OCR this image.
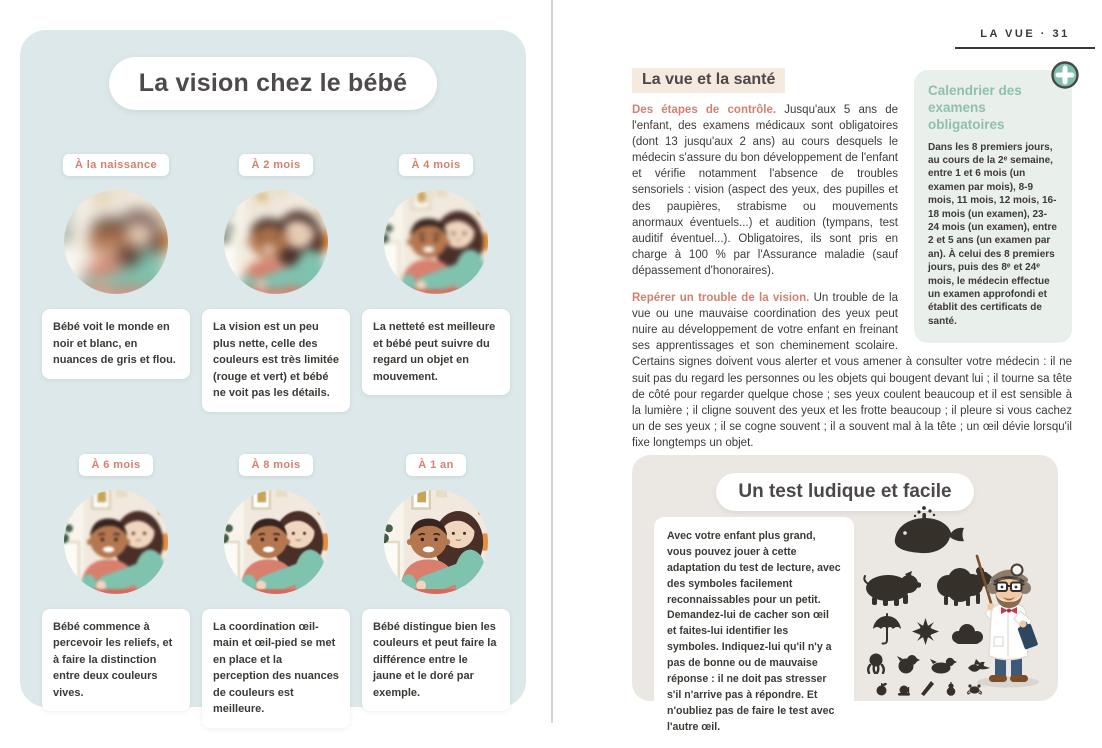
La vision chez le bébé
À la naissance
Bébé voit le monde en noir et blanc, en nuances de gris et flou.
À 2 mois
La vision est un peu plus nette, celle des couleurs est très limitée (rouge et vert) et bébé ne voit pas les détails.
À 4 mois
La netteté est meilleure et bébé peut suivre du regard un objet en mouvement.
À 6 mois
Bébé commence à percevoir les reliefs, et à faire la distinction entre deux couleurs vives.
À 8 mois
La coordination œil-main et œil-pied se met en place et la perception des nuances de couleurs est meilleure.
À 1 an
Bébé distingue bien les couleurs et peut faire la différence entre le jaune et le doré par exemple.
LA VUE · 31
Calendrier des examens obligatoires

Dans les 8 premiers jours, au cours de la 2ᵉ semaine, entre 1 et 6 mois (un examen par mois), 8-9 mois, 11 mois, 12 mois, 16-18 mois (un examen), 23-24 mois (un examen), entre 2 et 5 ans (un examen par an). À celui des 8 premiers jours, puis des 8ᵉ et 24ᵉ mois, le médecin effectue un examen approfondi et établit des certificats de santé.

La vue et la santé

Des étapes de contrôle. Jusqu'aux 5 ans de l'enfant, des examens médicaux sont obligatoires (dont 13 jusqu'aux 2 ans) au cours desquels le médecin s'assure du bon développement de l'enfant et vérifie notamment l'absence de troubles sensoriels : vision (aspect des yeux, des pupilles et des paupières, strabisme ou mouvements anormaux éventuels...) et audition (tympans, test auditif éventuel...). Obligatoires, ils sont pris en charge à 100 % par l'Assurance maladie (sauf dépassement d'honoraires).

Repérer un trouble de la vision. Un trouble de la vue ou une mauvaise coordination des yeux peut nuire au développement de votre enfant en freinant ses apprentissages et son cheminement scolaire. Certains signes doivent vous alerter et vous amener à consulter votre médecin : il ne suit pas du regard les personnes ou les objets qui bougent devant lui ; il tourne sa tête de côté pour regarder quelque chose ; ses yeux coulent beaucoup et il est sensible à la lumière ; il cligne souvent des yeux et les frotte beaucoup ; il pleure si vous cachez un de ses yeux ; il se cogne souvent ; il a souvent mal à la tête ; un œil dévie lorsqu'il fixe longtemps un objet.

Un test ludique et facile
Avec votre enfant plus grand, vous pouvez jouer à cette adaptation du test de lecture, avec des symboles facilement reconnaissables pour un petit. Demandez-lui de cacher son œil et faites-lui identifier les symboles. Indiquez-lui qu'il n'y a pas de bonne ou de mauvaise réponse : il ne doit pas stresser s'il n'arrive pas à répondre. Et n'oubliez pas de faire le test avec l'autre œil.
